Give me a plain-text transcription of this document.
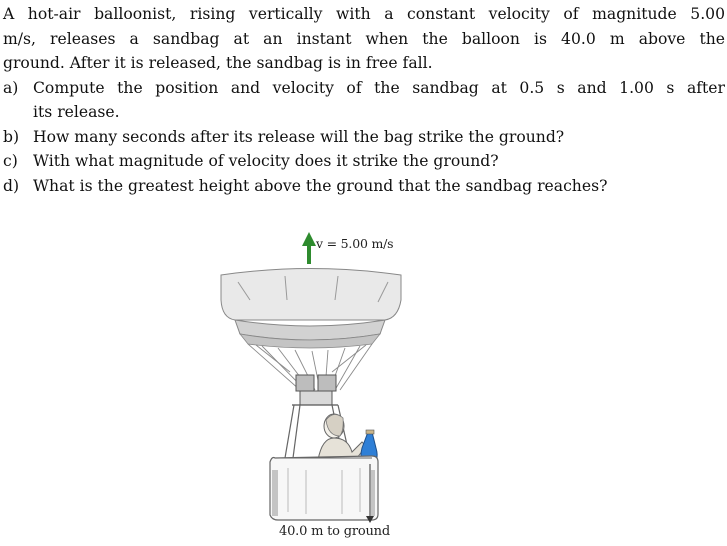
A hot-air balloonist, rising vertically with a constant velocity of magnitude 5.00
m/s, releases a sandbag at an instant when the balloon is 40.0 m above the
ground. After it is released, the sandbag is in free fall.

a) Compute the position and velocity of the sandbag at 0.5 s and 1.00 s after
its release.
b) How many seconds after its release will the bag strike the ground?
c) With what magnitude of velocity does it strike the ground?
d) What is the greatest height above the ground that the sandbag reaches?
v = 5.00 m/s
40.0 m to ground
